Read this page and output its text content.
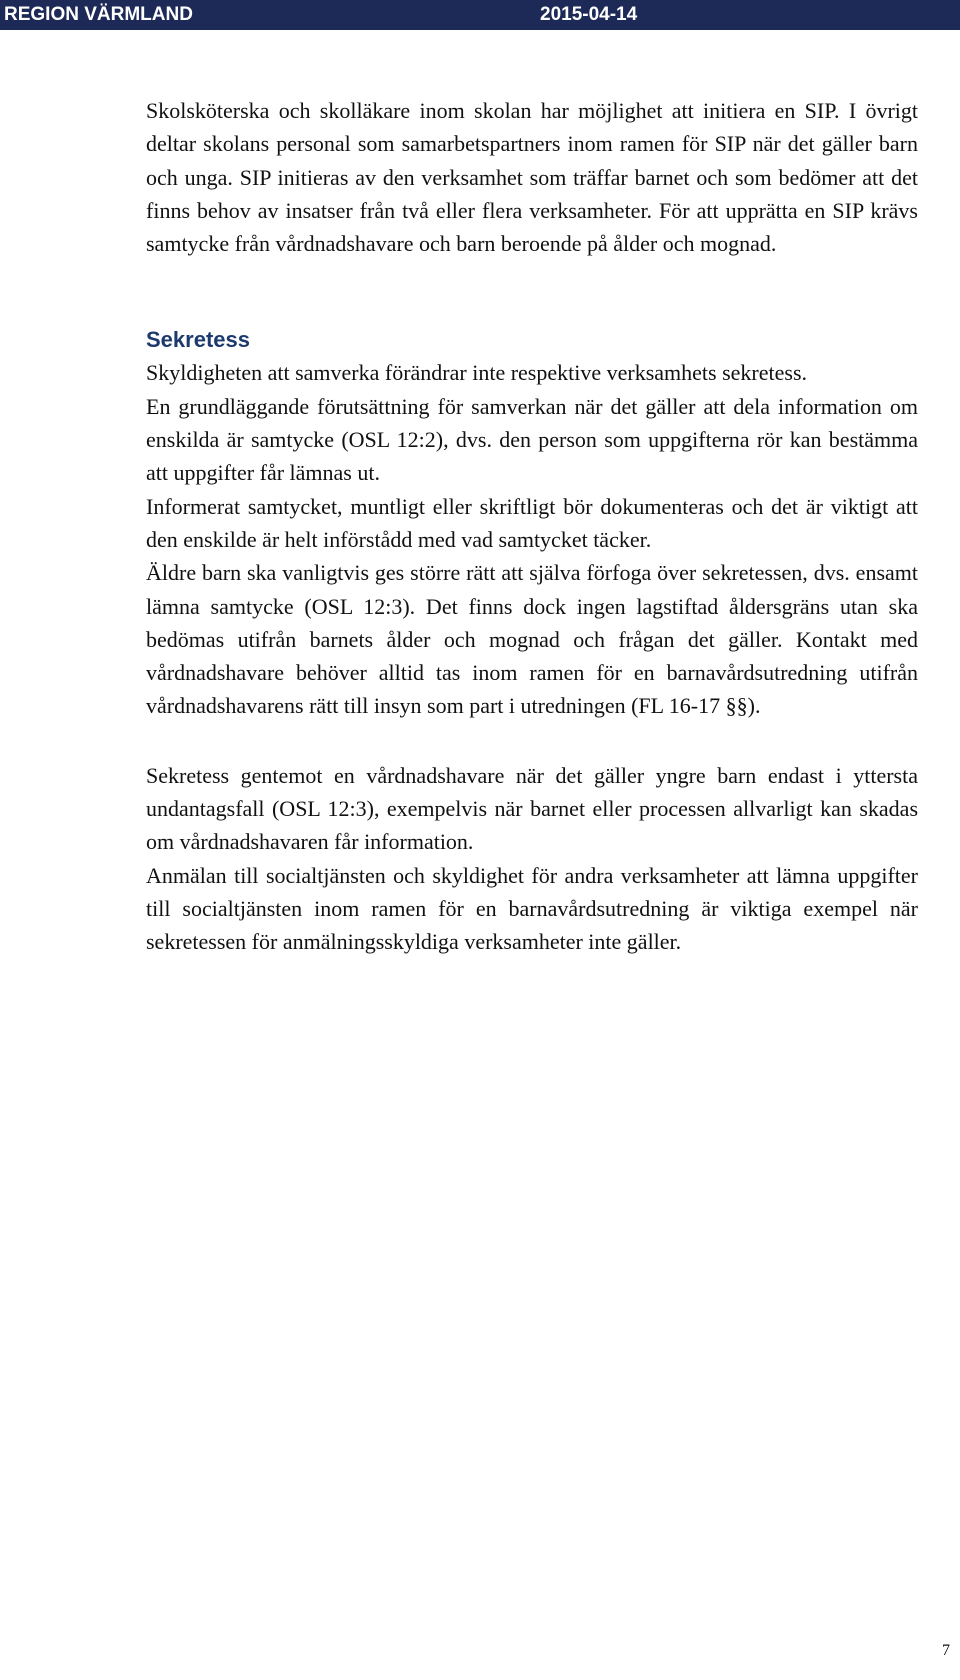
REGION VÄRMLAND	2015-04-14

Skolsköterska och skolläkare inom skolan har möjlighet att initiera en SIP. I övrigt deltar skolans personal som samarbetspartners inom ramen för SIP när det gäller barn och unga. SIP initieras av den verksamhet som träffar barnet och som bedömer att det finns behov av insatser från två eller flera verksamheter. För att upprätta en SIP krävs samtycke från vårdnadshavare och barn beroende på ålder och mognad.

Sekretess

Skyldigheten att samverka förändrar inte respektive verksamhets sekretess.

En grundläggande förutsättning för samverkan när det gäller att dela information om enskilda är samtycke (OSL 12:2), dvs. den person som uppgifterna rör kan bestämma att uppgifter får lämnas ut.

Informerat samtycket, muntligt eller skriftligt bör dokumenteras och det är viktigt att den enskilde är helt införstådd med vad samtycket täcker.

Äldre barn ska vanligtvis ges större rätt att själva förfoga över sekretessen, dvs. ensamt lämna samtycke (OSL 12:3). Det finns dock ingen lagstiftad åldersgräns utan ska bedömas utifrån barnets ålder och mognad och frågan det gäller. Kontakt med vårdnadshavare behöver alltid tas inom ramen för en barnavårdsutredning utifrån vårdnadshavarens rätt till insyn som part i utredningen (FL 16-17 §§).

Sekretess gentemot en vårdnadshavare när det gäller yngre barn endast i yttersta undantagsfall (OSL 12:3), exempelvis när barnet eller processen allvarligt kan skadas om vårdnadshavaren får information.

Anmälan till socialtjänsten och skyldighet för andra verksamheter att lämna uppgifter till socialtjänsten inom ramen för en barnavårdsutredning är viktiga exempel när sekretessen för anmälningsskyldiga verksamheter inte gäller.

7
